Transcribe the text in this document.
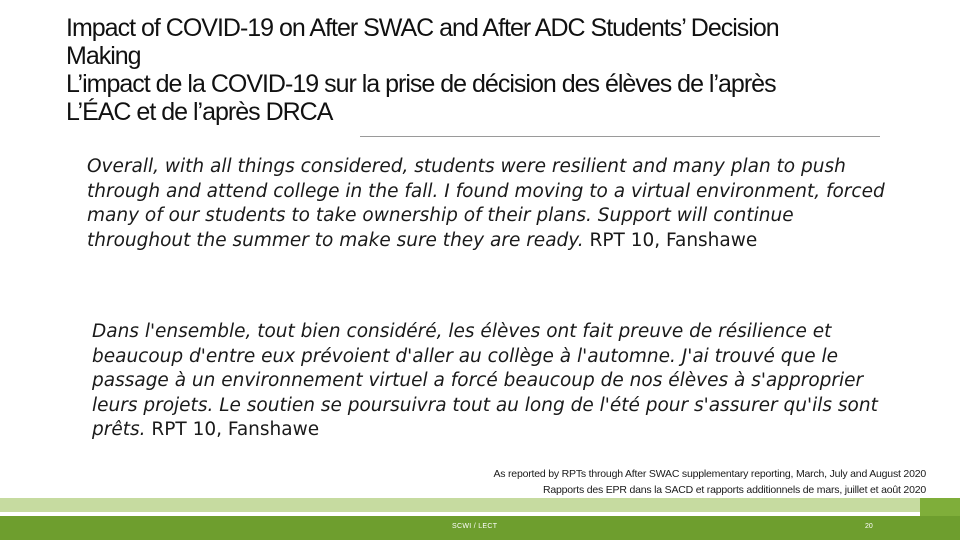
Impact of COVID-19 on After SWAC and After ADC Students’ Decision
Making
L’impact de la COVID-19 sur la prise de décision des élèves de l’après
L’ÉAC et de l’après DRCA

Overall, with all things considered, students were resilient and many plan to push through and attend college in the fall. I found moving to a virtual environment, forced many of our students to take ownership of their plans. Support will continue throughout the summer to make sure they are ready. RPT 10, Fanshawe

Dans l'ensemble, tout bien considéré, les élèves ont fait preuve de résilience et beaucoup d'entre eux prévoient d'aller au collège à l'automne. J'ai trouvé que le passage à un environnement virtuel a forcé beaucoup de nos élèves à s'approprier leurs projets. Le soutien se poursuivra tout au long de l'été pour s'assurer qu'ils sont prêts. RPT 10, Fanshawe

As reported by RPTs through After SWAC supplementary reporting, March, July and August 2020
Rapports des EPR dans la SACD et rapports additionnels de mars, juillet et août 2020
SCWI / LECT	20
